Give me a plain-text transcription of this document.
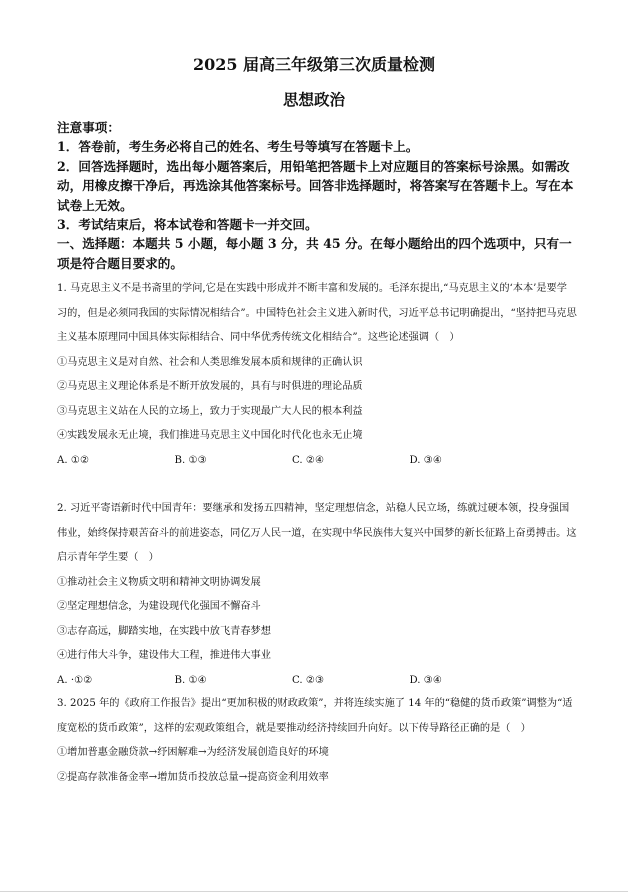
2025 届高三年级第三次质量检测
思想政治

注意事项：

1．答卷前，考生务必将自己的姓名、考生号等填写在答题卡上。

2．回答选择题时，选出每小题答案后，用铅笔把答题卡上对应题目的答案标号涂黑。如需改动，用橡皮擦干净后，再选涂其他答案标号。回答非选择题时，将答案写在答题卡上。写在本试卷上无效。

3．考试结束后，将本试卷和答题卡一并交回。

一、选择题：本题共 5 小题，每小题 3 分，共 45 分。在每小题给出的四个选项中，只有一项是符合题目要求的。

1. 马克思主义不是书斋里的学问,它是在实践中形成并不断丰富和发展的。毛泽东提出,“马克思主义的‘本本’是要学习的，但是必须同我国的实际情况相结合”。中国特色社会主义进入新时代，习近平总书记明确提出，“坚持把马克思主义基本原理同中国具体实际相结合、同中华优秀传统文化相结合”。这些论述强调（　）

①马克思主义是对自然、社会和人类思维发展本质和规律的正确认识

②马克思主义理论体系是不断开放发展的，具有与时俱进的理论品质

③马克思主义站在人民的立场上，致力于实现最广大人民的根本利益

④实践发展永无止境，我们推进马克思主义中国化时代化也永无止境

A. ①②	B. ①③	C. ②④	D. ③④

2. 习近平寄语新时代中国青年：要继承和发扬五四精神，坚定理想信念，站稳人民立场，练就过硬本领，投身强国伟业，始终保持艰苦奋斗的前进姿态，同亿万人民一道，在实现中华民族伟大复兴中国梦的新长征路上奋勇搏击。这启示青年学生要（　）

①推动社会主义物质文明和精神文明协调发展

②坚定理想信念，为建设现代化强国不懈奋斗

③志存高远，脚踏实地，在实践中放飞青春梦想

④进行伟大斗争，建设伟大工程，推进伟大事业

A. ·①②	B. ①④	C. ②③	D. ③④

3. 2025 年的《政府工作报告》提出“更加积极的财政政策”，并将连续实施了 14 年的“稳健的货币政策”调整为“适度宽松的货币政策”，这样的宏观政策组合，就是要推动经济持续回升向好。以下传导路径正确的是（　）

①增加普惠金融贷款→纾困解难→为经济发展创造良好的环境

②提高存款准备金率→增加货币投放总量→提高资金利用效率
